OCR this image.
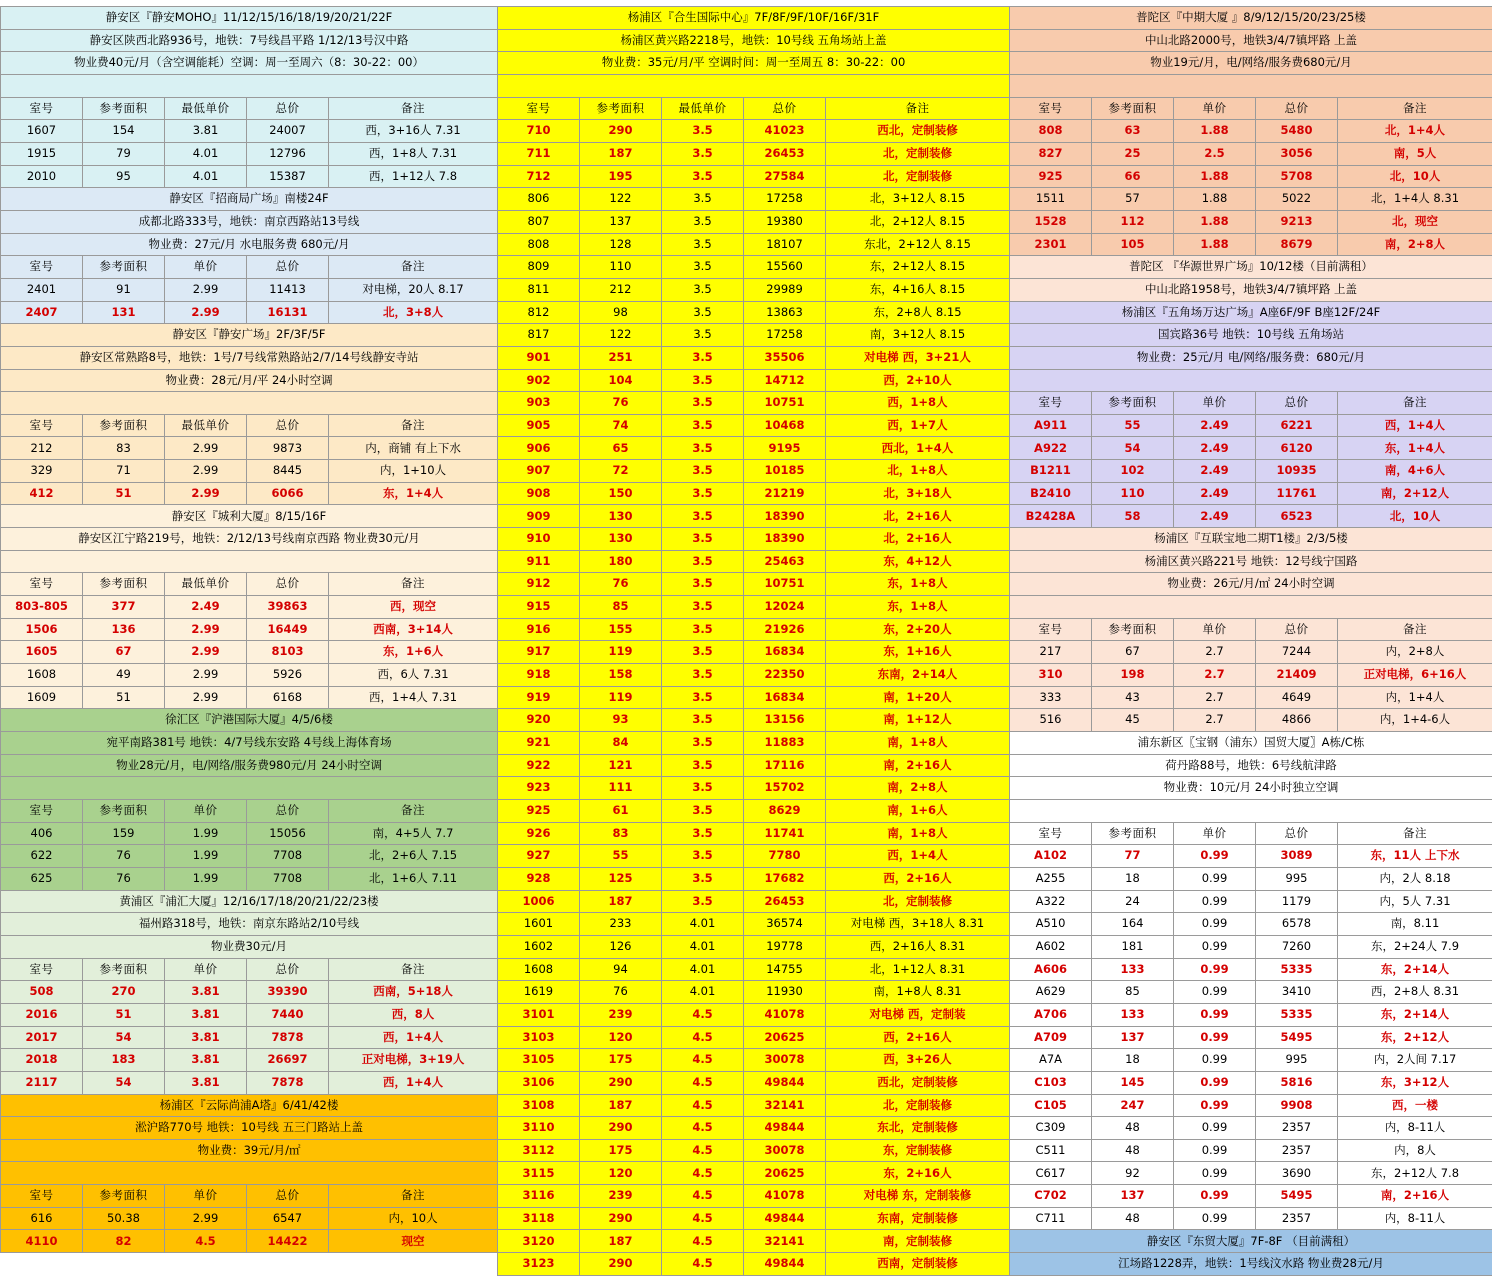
静安区『静安MOHO』11/12/15/16/18/19/20/21/22F				
静安区陕西北路936号，地铁：7号线昌平路 1/12/13号汉中路				
物业费40元/月（含空调能耗）空调：周一至周六（8：30-22：00）				

室号	参考面积	最低单价	总价	备注
1607	154	3.81	24007	西，3+16人 7.31
1915	79	4.01	12796	西，1+8人 7.31
2010	95	4.01	15387	西，1+12人 7.8
静安区『招商局广场』南楼24F				
成都北路333号，地铁：南京西路站13号线				
物业费：27元/月 水电服务费 680元/月				
室号	参考面积	单价	总价	备注
2401	91	2.99	11413	对电梯，20人 8.17
2407	131	2.99	16131	北，3+8人
静安区『静安广场』2F/3F/5F				
静安区常熟路8号，地铁：1号/7号线常熟路站2/7/14号线静安寺站				
物业费：28元/月/平 24小时空调				

室号	参考面积	最低单价	总价	备注
212	83	2.99	9873	内，商铺 有上下水
329	71	2.99	8445	内，1+10人
412	51	2.99	6066	东，1+4人
静安区『城利大厦』8/15/16F				
静安区江宁路219号，地铁：2/12/13号线南京西路 物业费30元/月				

室号	参考面积	最低单价	总价	备注
803-805	377	2.49	39863	西，现空
1506	136	2.99	16449	西南，3+14人
1605	67	2.99	8103	东，1+6人
1608	49	2.99	5926	西，6人 7.31
1609	51	2.99	6168	西，1+4人 7.31
徐汇区『沪港国际大厦』4/5/6楼				
宛平南路381号 地铁：4/7号线东安路 4号线上海体育场				
物业28元/月，电/网络/服务费980元/月 24小时空调				

室号	参考面积	单价	总价	备注
406	159	1.99	15056	南，4+5人 7.7
622	76	1.99	7708	北，2+6人 7.15
625	76	1.99	7708	北，1+6人 7.11
黄浦区『浦汇大厦』12/16/17/18/20/21/22/23楼				
福州路318号，地铁：南京东路站2/10号线				
物业费30元/月				
室号	参考面积	单价	总价	备注
508	270	3.81	39390	西南，5+18人
2016	51	3.81	7440	西，8人
2017	54	3.81	7878	西，1+4人
2018	183	3.81	26697	正对电梯，3+19人
2117	54	3.81	7878	西，1+4人
杨浦区『云际尚浦A塔』6/41/42楼				
淞沪路770号 地铁：10号线 五三门路站上盖				
物业费：39元/月/㎡				

室号	参考面积	单价	总价	备注
616	50.38	2.99	6547	内，10人
4110	82	4.5	14422	现空
杨浦区『合生国际中心』7F/8F/9F/10F/16F/31F				
杨浦区黄兴路2218号，地铁：10号线 五角场站上盖				
物业费：35元/月/平 空调时间：周一至周五 8：30-22：00				

室号	参考面积	最低单价	总价	备注
710	290	3.5	41023	西北，定制装修
711	187	3.5	26453	北，定制装修
712	195	3.5	27584	北，定制装修
806	122	3.5	17258	北，3+12人 8.15
807	137	3.5	19380	北，2+12人 8.15
808	128	3.5	18107	东北，2+12人 8.15
809	110	3.5	15560	东，2+12人 8.15
811	212	3.5	29989	东，4+16人 8.15
812	98	3.5	13863	东，2+8人 8.15
817	122	3.5	17258	南，3+12人 8.15
901	251	3.5	35506	对电梯 西，3+21人
902	104	3.5	14712	西，2+10人
903	76	3.5	10751	西，1+8人
905	74	3.5	10468	西，1+7人
906	65	3.5	9195	西北，1+4人
907	72	3.5	10185	北，1+8人
908	150	3.5	21219	北，3+18人
909	130	3.5	18390	北，2+16人
910	130	3.5	18390	北，2+16人
911	180	3.5	25463	东，4+12人
912	76	3.5	10751	东，1+8人
915	85	3.5	12024	东，1+8人
916	155	3.5	21926	东，2+20人
917	119	3.5	16834	东，1+16人
918	158	3.5	22350	东南，2+14人
919	119	3.5	16834	南，1+20人
920	93	3.5	13156	南，1+12人
921	84	3.5	11883	南，1+8人
922	121	3.5	17116	南，2+16人
923	111	3.5	15702	南，2+8人
925	61	3.5	8629	南，1+6人
926	83	3.5	11741	南，1+8人
927	55	3.5	7780	西，1+4人
928	125	3.5	17682	西，2+16人
1006	187	3.5	26453	北，定制装修
1601	233	4.01	36574	对电梯 西，3+18人 8.31
1602	126	4.01	19778	西，2+16人 8.31
1608	94	4.01	14755	北，1+12人 8.31
1619	76	4.01	11930	南，1+8人 8.31
3101	239	4.5	41078	对电梯 西，定制装
3103	120	4.5	20625	西，2+16人
3105	175	4.5	30078	西，3+26人
3106	290	4.5	49844	西北，定制装修
3108	187	4.5	32141	北，定制装修
3110	290	4.5	49844	东北，定制装修
3112	175	4.5	30078	东，定制装修
3115	120	4.5	20625	东，2+16人
3116	239	4.5	41078	对电梯 东，定制装修
3118	290	4.5	49844	东南，定制装修
3120	187	4.5	32141	南，定制装修
3123	290	4.5	49844	西南，定制装修
普陀区『中期大厦 』8/9/12/15/20/23/25楼				
中山北路2000号，地铁3/4/7镇坪路 上盖				
物业19元/月，电/网络/服务费680元/月				

室号	参考面积	单价	总价	备注
808	63	1.88	5480	北，1+4人
827	25	2.5	3056	南，5人
925	66	1.88	5708	北，10人
1511	57	1.88	5022	北，1+4人 8.31
1528	112	1.88	9213	北，现空
2301	105	1.88	8679	南，2+8人
普陀区 『华源世界广场』10/12楼（目前满租）				
中山北路1958号，地铁3/4/7镇坪路 上盖				
杨浦区『五角场万达广场』A座6F/9F B座12F/24F				
国宾路36号 地铁：10号线 五角场站				
物业费：25元/月 电/网络/服务费：680元/月				

室号	参考面积	单价	总价	备注
A911	55	2.49	6221	西，1+4人
A922	54	2.49	6120	东，1+4人
B1211	102	2.49	10935	南，4+6人
B2410	110	2.49	11761	南，2+12人
B2428A	58	2.49	6523	北，10人
杨浦区『互联宝地二期T1楼』2/3/5楼				
杨浦区黄兴路221号 地铁：12号线宁国路				
物业费：26元/月/㎡ 24小时空调				

室号	参考面积	单价	总价	备注
217	67	2.7	7244	内，2+8人
310	198	2.7	21409	正对电梯，6+16人
333	43	2.7	4649	内，1+4人
516	45	2.7	4866	内，1+4-6人
浦东新区〖宝钢（浦东）国贸大厦〗A栋/C栋				
荷丹路88号，地铁：6号线航津路				
物业费：10元/月 24小时独立空调				

室号	参考面积	单价	总价	备注
A102	77	0.99	3089	东，11人 上下水
A255	18	0.99	995	内，2人 8.18
A322	24	0.99	1179	内，5人 7.31
A510	164	0.99	6578	南，8.11
A602	181	0.99	7260	东，2+24人 7.9
A606	133	0.99	5335	东，2+14人
A629	85	0.99	3410	西，2+8人 8.31
A706	133	0.99	5335	东，2+14人
A709	137	0.99	5495	东，2+12人
A7A	18	0.99	995	内，2人间 7.17
C103	145	0.99	5816	东，3+12人
C105	247	0.99	9908	西，一楼
C309	48	0.99	2357	内，8-11人
C511	48	0.99	2357	内，8人
C617	92	0.99	3690	东，2+12人 7.8
C702	137	0.99	5495	南，2+16人
C711	48	0.99	2357	内，8-11人
静安区『东贸大厦』7F-8F （目前满租）				
江场路1228弄，地铁：1号线汶水路 物业费28元/月				
